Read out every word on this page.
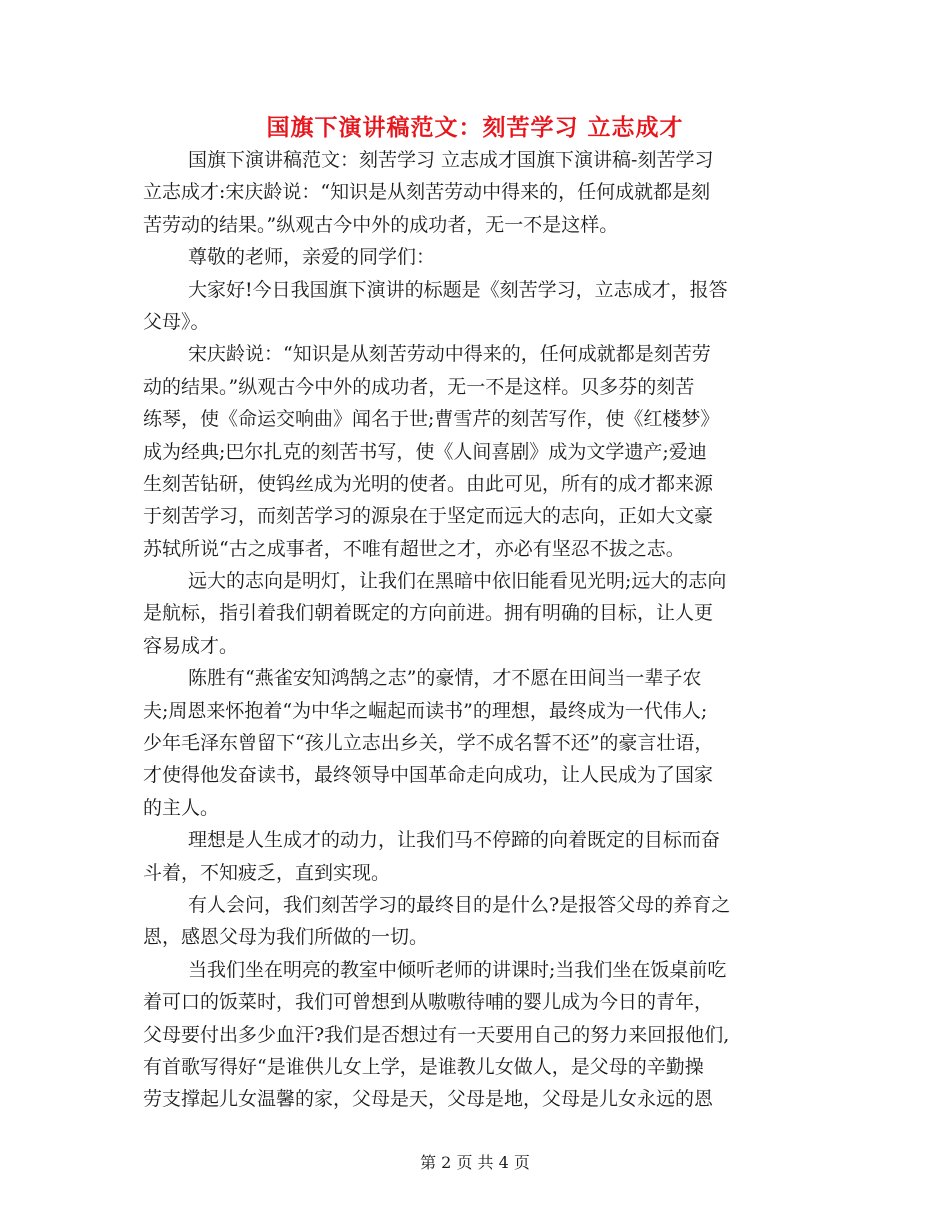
国旗下演讲稿范文：刻苦学习 立志成才
国旗下演讲稿范文：刻苦学习 立志成才国旗下演讲稿-刻苦学习
立志成才:宋庆龄说：“知识是从刻苦劳动中得来的，任何成就都是刻
苦劳动的结果。”纵观古今中外的成功者，无一不是这样。
尊敬的老师，亲爱的同学们：
大家好!今日我国旗下演讲的标题是《刻苦学习，立志成才，报答
父母》。
宋庆龄说：“知识是从刻苦劳动中得来的，任何成就都是刻苦劳
动的结果。”纵观古今中外的成功者，无一不是这样。贝多芬的刻苦
练琴，使《命运交响曲》闻名于世;曹雪芹的刻苦写作，使《红楼梦》
成为经典;巴尔扎克的刻苦书写，使《人间喜剧》成为文学遗产;爱迪
生刻苦钻研，使钨丝成为光明的使者。由此可见，所有的成才都来源
于刻苦学习，而刻苦学习的源泉在于坚定而远大的志向，正如大文豪
苏轼所说“古之成事者，不唯有超世之才，亦必有坚忍不拔之志。
远大的志向是明灯，让我们在黑暗中依旧能看见光明;远大的志向
是航标，指引着我们朝着既定的方向前进。拥有明确的目标，让人更
容易成才。
陈胜有“燕雀安知鸿鹄之志”的豪情，才不愿在田间当一辈子农
夫;周恩来怀抱着“为中华之崛起而读书”的理想，最终成为一代伟人;
少年毛泽东曾留下“孩儿立志出乡关，学不成名誓不还”的豪言壮语，
才使得他发奋读书，最终领导中国革命走向成功，让人民成为了国家
的主人。
理想是人生成才的动力，让我们马不停蹄的向着既定的目标而奋
斗着，不知疲乏，直到实现。
有人会问，我们刻苦学习的最终目的是什么?是报答父母的养育之
恩，感恩父母为我们所做的一切。
当我们坐在明亮的教室中倾听老师的讲课时;当我们坐在饭桌前吃
着可口的饭菜时，我们可曾想到从嗷嗷待哺的婴儿成为今日的青年，
父母要付出多少血汗?我们是否想过有一天要用自己的努力来回报他们,
有首歌写得好“是谁供儿女上学，是谁教儿女做人，是父母的辛勤操
劳支撑起儿女温馨的家，父母是天，父母是地，父母是儿女永远的恩
第 2 页 共 4 页
